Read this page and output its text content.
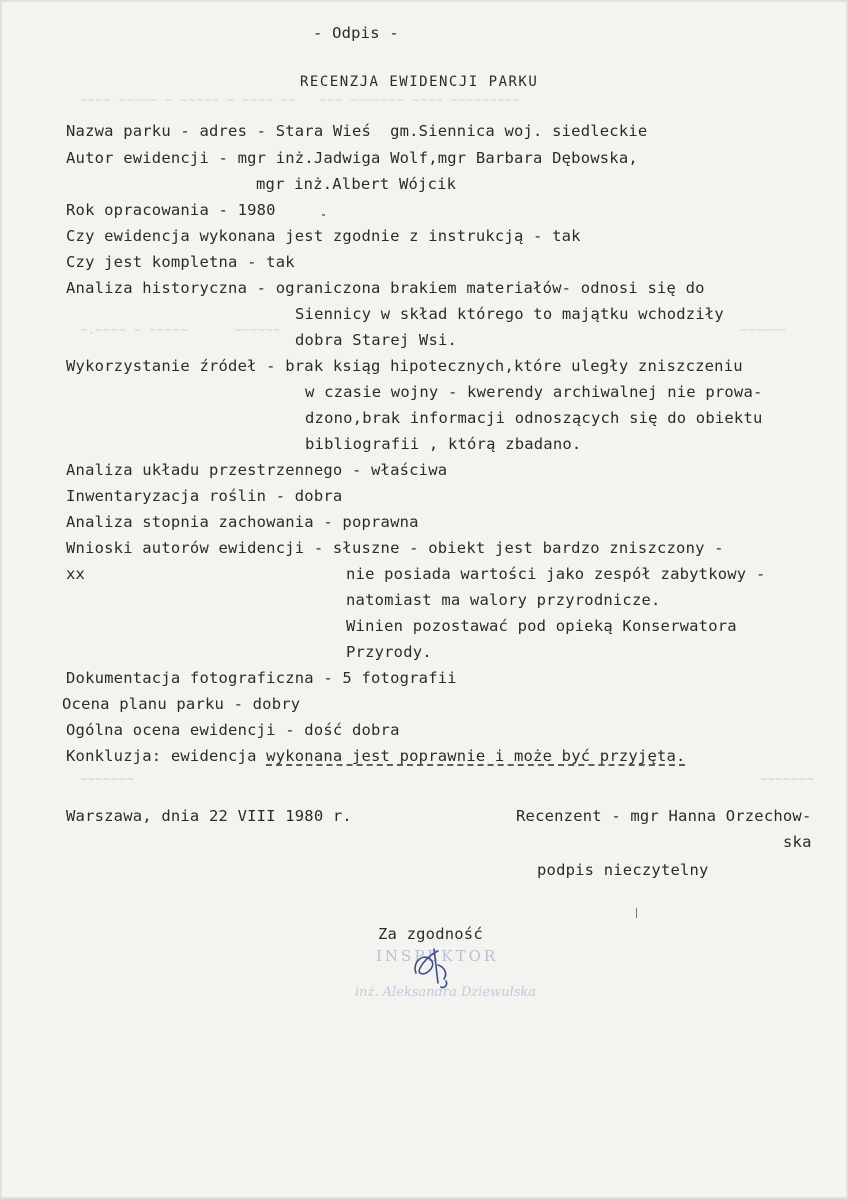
~~~~ ~~~~~ ~ ~~~~~ ~ ~~~~ ~~   ~~~ ~~~~~~~ ~~~~ ~~~~~~~~~
~.~~~~ ~ ~~~~~      ~~~~~~	~~~~~~
~~~~~~~	~~~~~~~
- Odpis -
RECENZJA EWIDENCJI PARKU
Nazwa parku - adres - Stara Wieś  gm.Siennica woj. siedleckie
Autor ewidencji - mgr inż.Jadwiga Wolf,mgr Barbara Dębowska,
mgr inż.Albert Wójcik
Rok opracowania - 1980
Czy ewidencja wykonana jest zgodnie z instrukcją - tak
Czy jest kompletna - tak
Analiza historyczna - ograniczona brakiem materiałów- odnosi się do
Siennicy w skład którego to majątku wchodziły
dobra Starej Wsi.
Wykorzystanie źródeł - brak ksiąg hipotecznych,które uległy zniszczeniu
w czasie wojny - kwerendy archiwalnej nie prowa-
dzono,brak informacji odnoszących się do obiektu
bibliografii , którą zbadano.
Analiza układu przestrzennego - właściwa
Inwentaryzacja roślin - dobra
Analiza stopnia zachowania - poprawna
Wnioski autorów ewidencji - słuszne - obiekt jest bardzo zniszczony -
xx	nie posiada wartości jako zespół zabytkowy -
natomiast ma walory przyrodnicze.
Winien pozostawać pod opieką Konserwatora
Przyrody.
Dokumentacja fotograficzna - 5 fotografii
Ocena planu parku - dobry
Ogólna ocena ewidencji - dość dobra
Konkluzja: ewidencja wykonana jest poprawnie i może być przyjęta.
Warszawa, dnia 22 VIII 1980 r.	Recenzent - mgr Hanna Orzechow-
ska
podpis nieczytelny
Za zgodność
INSPEKTOR
inż. Aleksandra Dziewulska
